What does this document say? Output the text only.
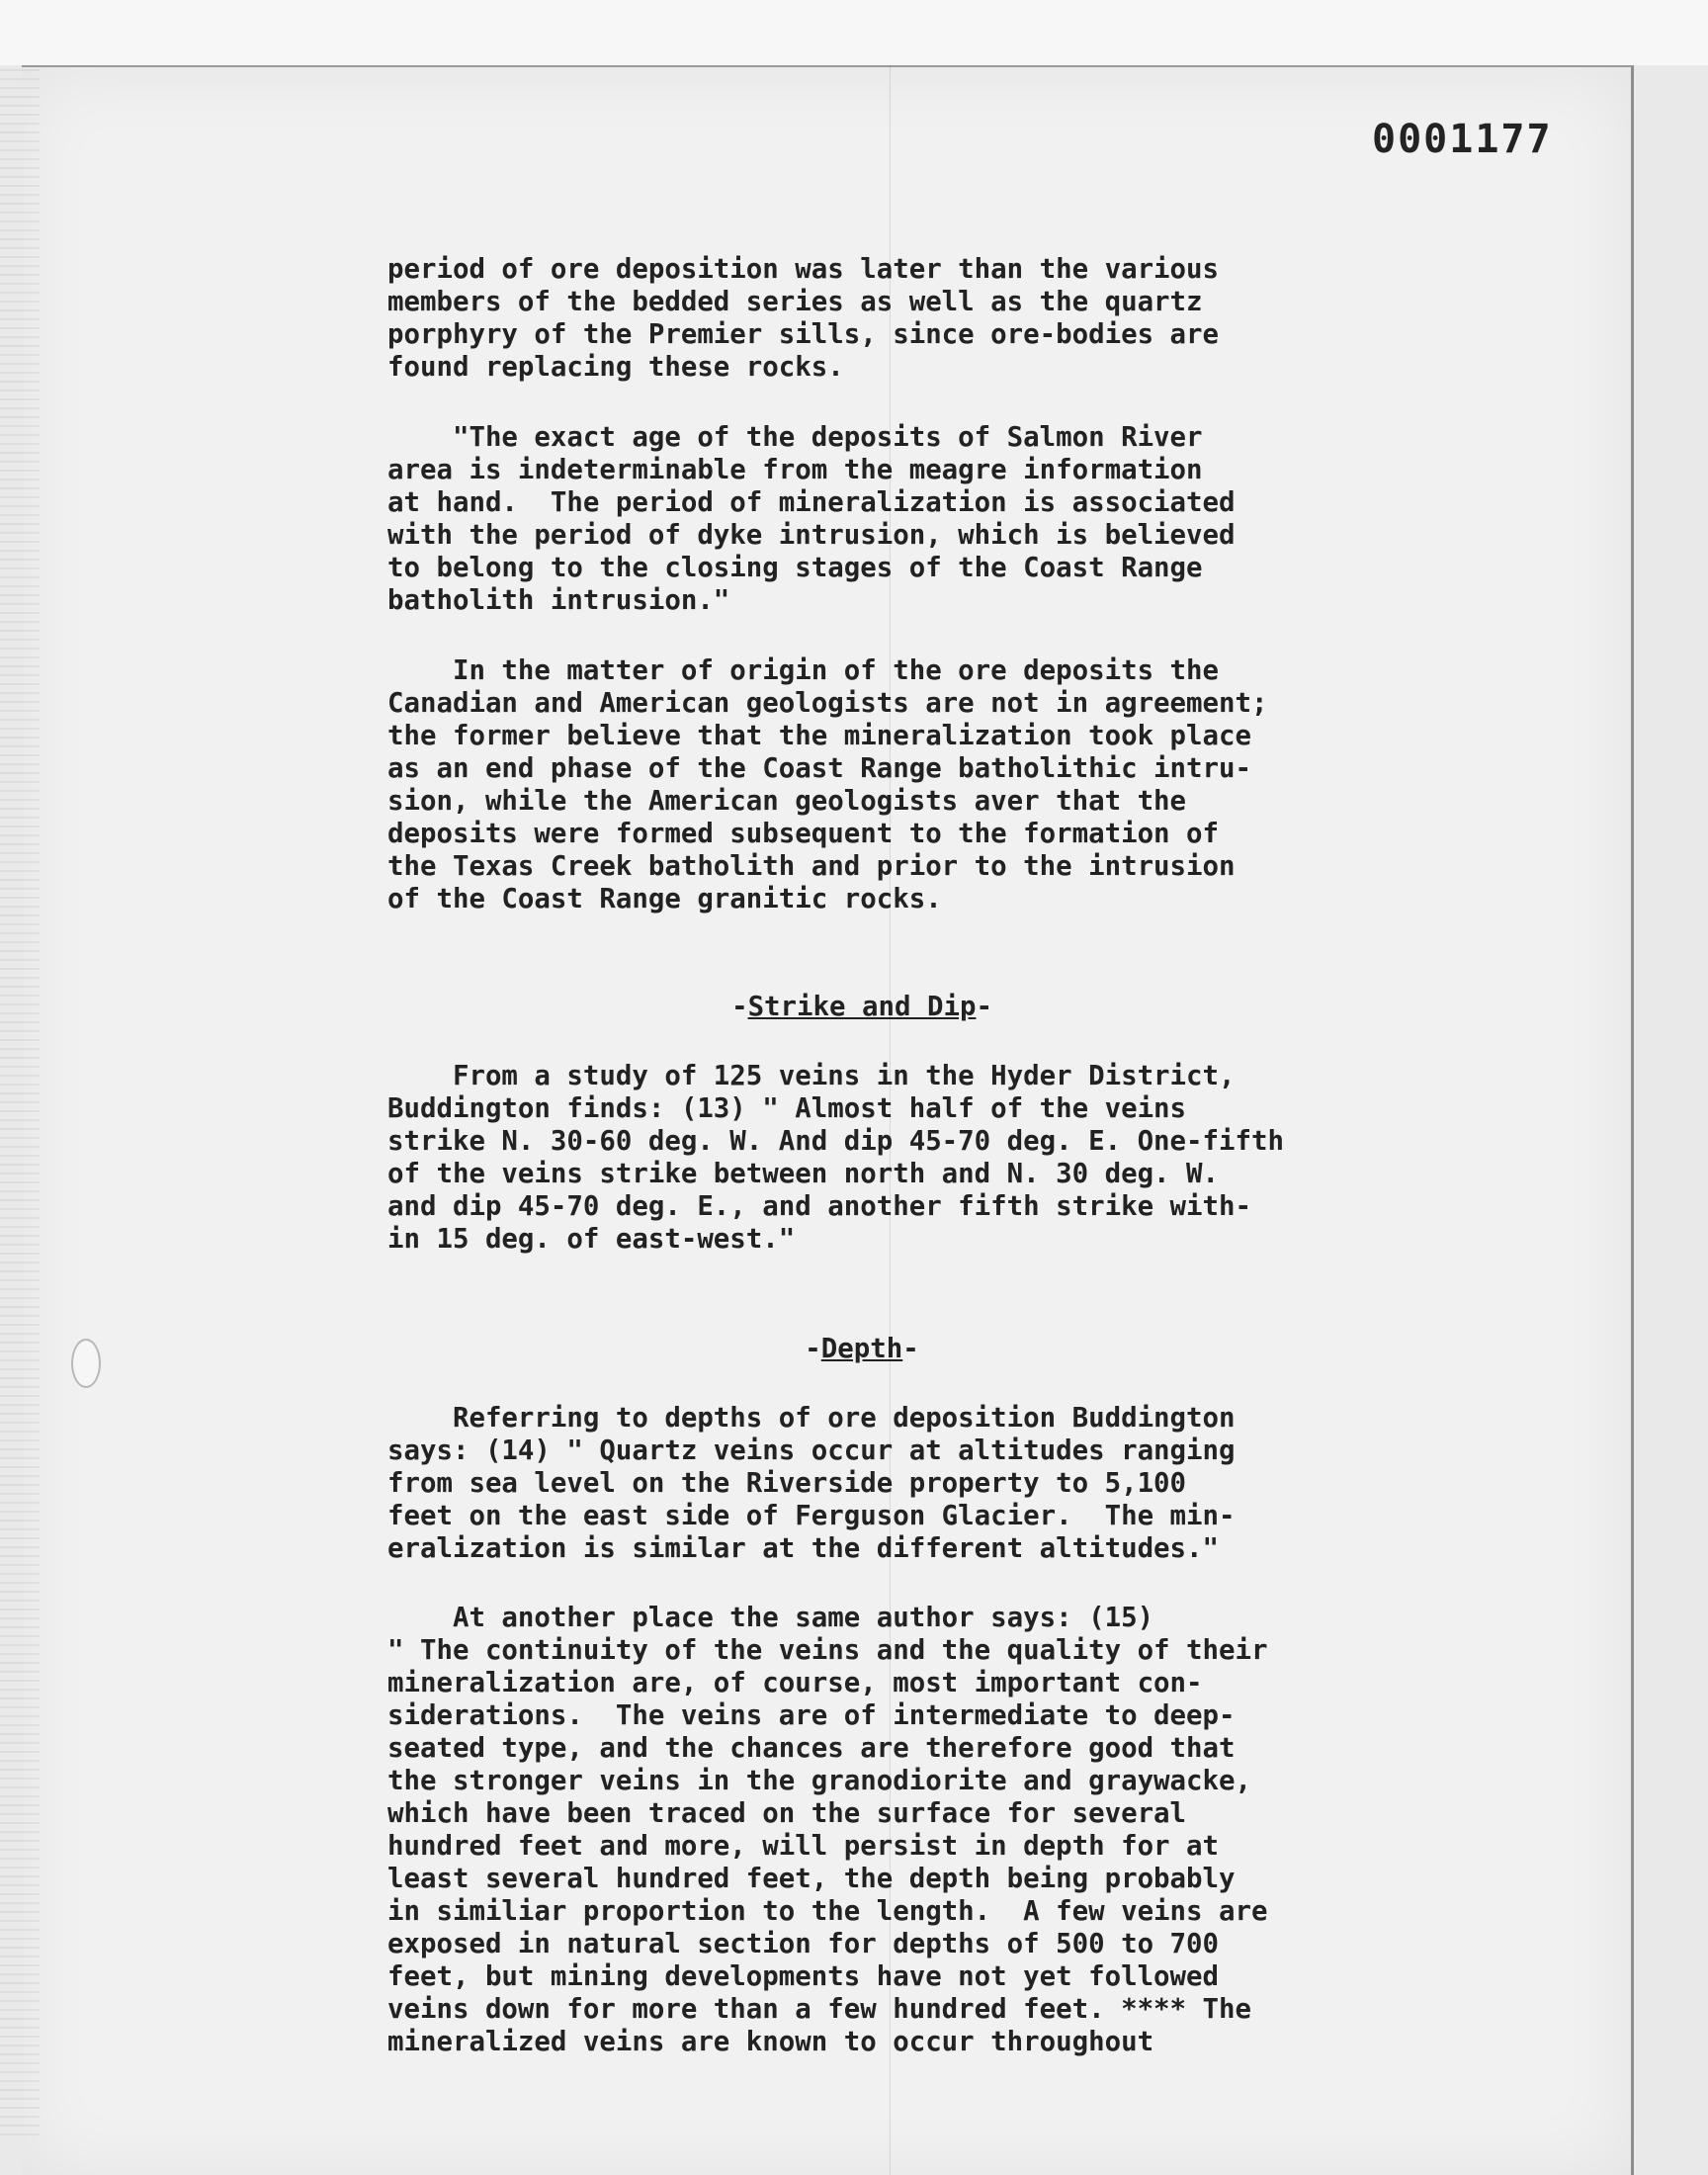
0001177
period of ore deposition was later than the various
members of the bedded series as well as the quartz
porphyry of the Premier sills, since ore-bodies are
found replacing these rocks.
"The exact age of the deposits of Salmon River
area is indeterminable from the meagre information
at hand.  The period of mineralization is associated
with the period of dyke intrusion, which is believed
to belong to the closing stages of the Coast Range
batholith intrusion."
In the matter of origin of the ore deposits the
Canadian and American geologists are not in agreement;
the former believe that the mineralization took place
as an end phase of the Coast Range batholithic intru-
sion, while the American geologists aver that the
deposits were formed subsequent to the formation of
the Texas Creek batholith and prior to the intrusion
of the Coast Range granitic rocks.
-Strike and Dip-
From a study of 125 veins in the Hyder District,
Buddington finds: (13) " Almost half of the veins
strike N. 30-60 deg. W. And dip 45-70 deg. E. One-fifth
of the veins strike between north and N. 30 deg. W.
and dip 45-70 deg. E., and another fifth strike with-
in 15 deg. of east-west."
-Depth-
Referring to depths of ore deposition Buddington
says: (14) " Quartz veins occur at altitudes ranging
from sea level on the Riverside property to 5,100
feet on the east side of Ferguson Glacier.  The min-
eralization is similar at the different altitudes."
At another place the same author says: (15)
" The continuity of the veins and the quality of their
mineralization are, of course, most important con-
siderations.  The veins are of intermediate to deep-
seated type, and the chances are therefore good that
the stronger veins in the granodiorite and graywacke,
which have been traced on the surface for several
hundred feet and more, will persist in depth for at
least several hundred feet, the depth being probably
in similiar proportion to the length.  A few veins are
exposed in natural section for depths of 500 to 700
feet, but mining developments have not yet followed
veins down for more than a few hundred feet. **** The
mineralized veins are known to occur throughout
